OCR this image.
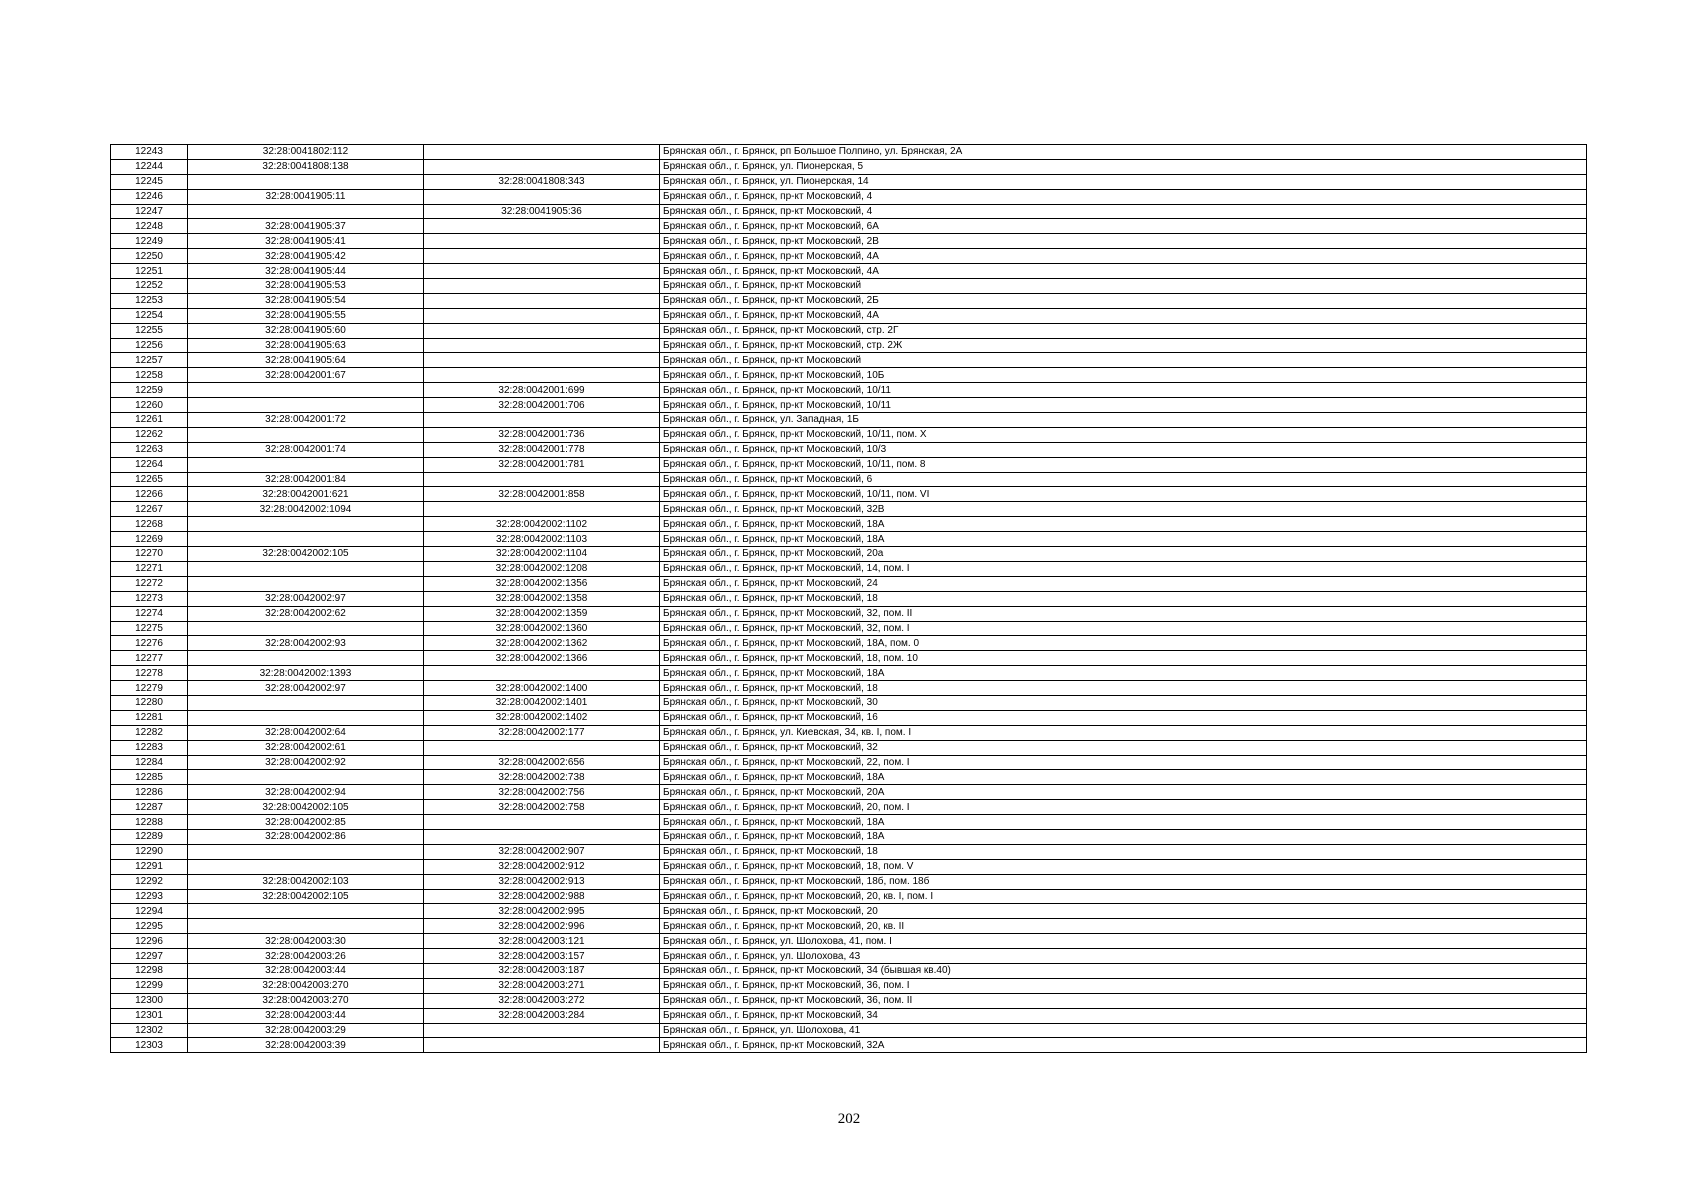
12243	32:28:0041802:112		Брянская обл., г. Брянск, рп Большое Полпино, ул. Брянская, 2А
12244	32:28:0041808:138		Брянская обл., г. Брянск, ул. Пионерская, 5
12245		32:28:0041808:343	Брянская обл., г. Брянск, ул. Пионерская, 14
12246	32:28:0041905:11		Брянская обл., г. Брянск, пр-кт Московский, 4
12247		32:28:0041905:36	Брянская обл., г. Брянск, пр-кт Московский, 4
12248	32:28:0041905:37		Брянская обл., г. Брянск, пр-кт Московский, 6А
12249	32:28:0041905:41		Брянская обл., г. Брянск, пр-кт Московский, 2В
12250	32:28:0041905:42		Брянская обл., г. Брянск, пр-кт Московский, 4А
12251	32:28:0041905:44		Брянская обл., г. Брянск, пр-кт Московский, 4А
12252	32:28:0041905:53		Брянская обл., г. Брянск, пр-кт Московский
12253	32:28:0041905:54		Брянская обл., г. Брянск, пр-кт Московский, 2Б
12254	32:28:0041905:55		Брянская обл., г. Брянск, пр-кт Московский, 4А
12255	32:28:0041905:60		Брянская обл., г. Брянск, пр-кт Московский, стр. 2Г
12256	32:28:0041905:63		Брянская обл., г. Брянск, пр-кт Московский, стр. 2Ж
12257	32:28:0041905:64		Брянская обл., г. Брянск, пр-кт Московский
12258	32:28:0042001:67		Брянская обл., г. Брянск, пр-кт Московский, 10Б
12259		32:28:0042001:699	Брянская обл., г. Брянск, пр-кт Московский, 10/11
12260		32:28:0042001:706	Брянская обл., г. Брянск, пр-кт Московский, 10/11
12261	32:28:0042001:72		Брянская обл., г. Брянск, ул. Западная, 1Б
12262		32:28:0042001:736	Брянская обл., г. Брянск, пр-кт Московский, 10/11, пом. X
12263	32:28:0042001:74	32:28:0042001:778	Брянская обл., г. Брянск, пр-кт Московский, 10/3
12264		32:28:0042001:781	Брянская обл., г. Брянск, пр-кт Московский, 10/11, пом. 8
12265	32:28:0042001:84		Брянская обл., г. Брянск, пр-кт Московский, 6
12266	32:28:0042001:621	32:28:0042001:858	Брянская обл., г. Брянск, пр-кт Московский, 10/11, пом. VI
12267	32:28:0042002:1094		Брянская обл., г. Брянск, пр-кт Московский, 32В
12268		32:28:0042002:1102	Брянская обл., г. Брянск, пр-кт Московский, 18А
12269		32:28:0042002:1103	Брянская обл., г. Брянск, пр-кт Московский, 18А
12270	32:28:0042002:105	32:28:0042002:1104	Брянская обл., г. Брянск, пр-кт Московский, 20а
12271		32:28:0042002:1208	Брянская обл., г. Брянск, пр-кт Московский, 14, пом. I
12272		32:28:0042002:1356	Брянская обл., г. Брянск, пр-кт Московский, 24
12273	32:28:0042002:97	32:28:0042002:1358	Брянская обл., г. Брянск, пр-кт Московский, 18
12274	32:28:0042002:62	32:28:0042002:1359	Брянская обл., г. Брянск, пр-кт Московский, 32, пом. II
12275		32:28:0042002:1360	Брянская обл., г. Брянск, пр-кт Московский, 32, пом. I
12276	32:28:0042002:93	32:28:0042002:1362	Брянская обл., г. Брянск, пр-кт Московский, 18А, пом. 0
12277		32:28:0042002:1366	Брянская обл., г. Брянск, пр-кт Московский, 18, пом. 10
12278	32:28:0042002:1393		Брянская обл., г. Брянск, пр-кт Московский, 18А
12279	32:28:0042002:97	32:28:0042002:1400	Брянская обл., г. Брянск, пр-кт Московский, 18
12280		32:28:0042002:1401	Брянская обл., г. Брянск, пр-кт Московский, 30
12281		32:28:0042002:1402	Брянская обл., г. Брянск, пр-кт Московский, 16
12282	32:28:0042002:64	32:28:0042002:177	Брянская обл., г. Брянск, ул. Киевская, 34, кв. I, пом. I
12283	32:28:0042002:61		Брянская обл., г. Брянск, пр-кт Московский, 32
12284	32:28:0042002:92	32:28:0042002:656	Брянская обл., г. Брянск, пр-кт Московский, 22, пом. I
12285		32:28:0042002:738	Брянская обл., г. Брянск, пр-кт Московский, 18А
12286	32:28:0042002:94	32:28:0042002:756	Брянская обл., г. Брянск, пр-кт Московский, 20А
12287	32:28:0042002:105	32:28:0042002:758	Брянская обл., г. Брянск, пр-кт Московский, 20, пом. I
12288	32:28:0042002:85		Брянская обл., г. Брянск, пр-кт Московский, 18А
12289	32:28:0042002:86		Брянская обл., г. Брянск, пр-кт Московский, 18А
12290		32:28:0042002:907	Брянская обл., г. Брянск, пр-кт Московский, 18
12291		32:28:0042002:912	Брянская обл., г. Брянск, пр-кт Московский, 18, пом. V
12292	32:28:0042002:103	32:28:0042002:913	Брянская обл., г. Брянск, пр-кт Московский, 18б, пом. 18б
12293	32:28:0042002:105	32:28:0042002:988	Брянская обл., г. Брянск, пр-кт Московский, 20, кв. I, пом. I
12294		32:28:0042002:995	Брянская обл., г. Брянск, пр-кт Московский, 20
12295		32:28:0042002:996	Брянская обл., г. Брянск, пр-кт Московский, 20, кв. II
12296	32:28:0042003:30	32:28:0042003:121	Брянская обл., г. Брянск, ул. Шолохова, 41, пом. I
12297	32:28:0042003:26	32:28:0042003:157	Брянская обл., г. Брянск, ул. Шолохова, 43
12298	32:28:0042003:44	32:28:0042003:187	Брянская обл., г. Брянск, пр-кт Московский, 34 (бывшая кв.40)
12299	32:28:0042003:270	32:28:0042003:271	Брянская обл., г. Брянск, пр-кт Московский, 36, пом. I
12300	32:28:0042003:270	32:28:0042003:272	Брянская обл., г. Брянск, пр-кт Московский, 36, пом. II
12301	32:28:0042003:44	32:28:0042003:284	Брянская обл., г. Брянск, пр-кт Московский, 34
12302	32:28:0042003:29		Брянская обл., г. Брянск, ул. Шолохова, 41
12303	32:28:0042003:39		Брянская обл., г. Брянск, пр-кт Московский, 32А
202
